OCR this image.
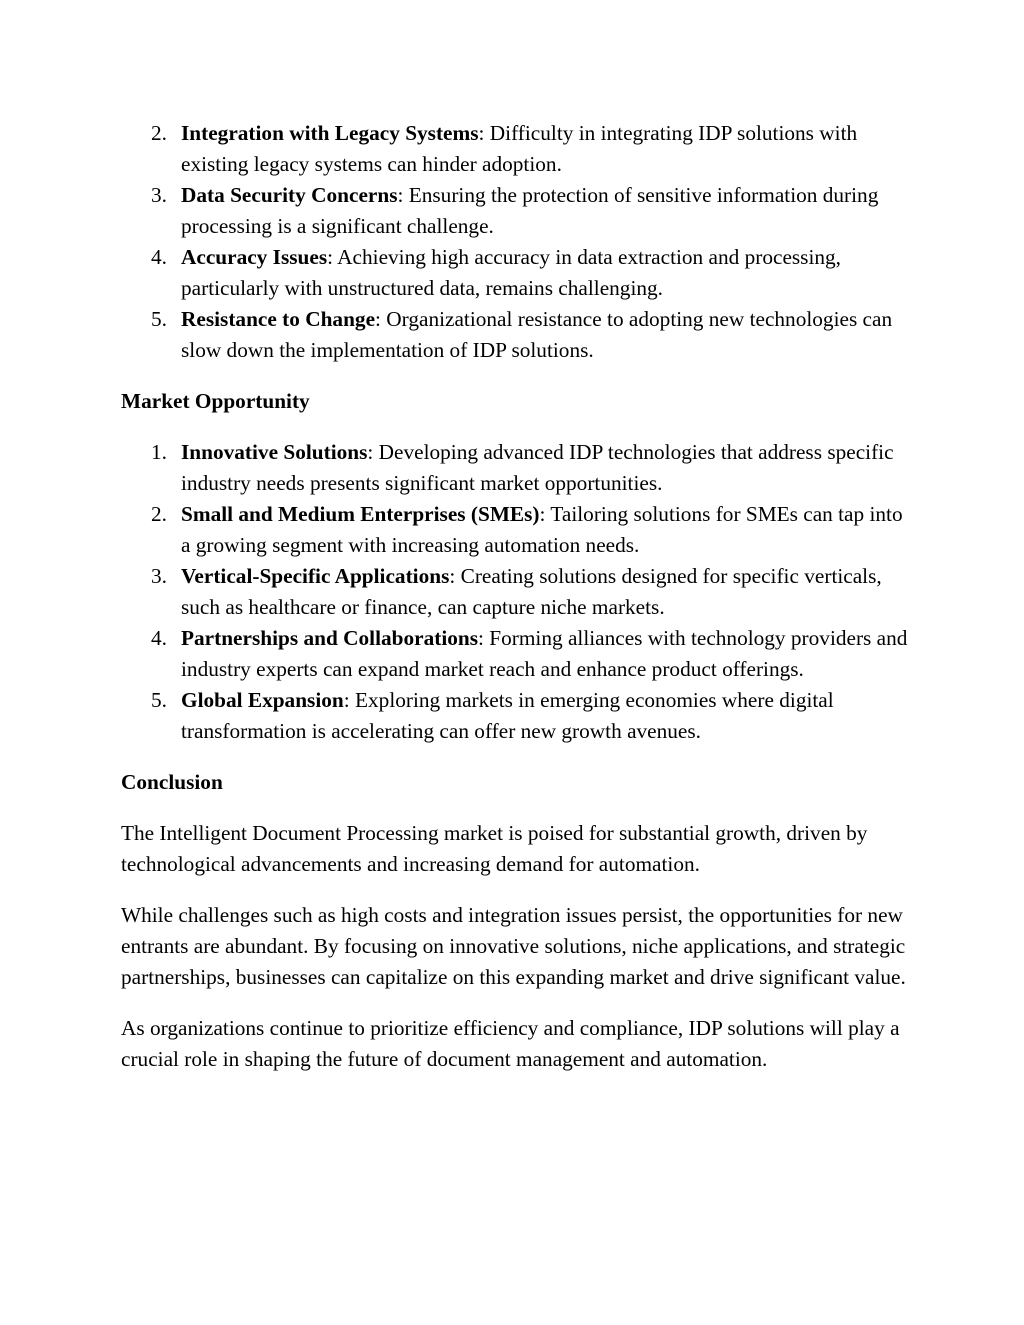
2. Integration with Legacy Systems: Difficulty in integrating IDP solutions with existing legacy systems can hinder adoption.
3. Data Security Concerns: Ensuring the protection of sensitive information during processing is a significant challenge.
4. Accuracy Issues: Achieving high accuracy in data extraction and processing, particularly with unstructured data, remains challenging.
5. Resistance to Change: Organizational resistance to adopting new technologies can slow down the implementation of IDP solutions.
Market Opportunity
1. Innovative Solutions: Developing advanced IDP technologies that address specific industry needs presents significant market opportunities.
2. Small and Medium Enterprises (SMEs): Tailoring solutions for SMEs can tap into a growing segment with increasing automation needs.
3. Vertical-Specific Applications: Creating solutions designed for specific verticals, such as healthcare or finance, can capture niche markets.
4. Partnerships and Collaborations: Forming alliances with technology providers and industry experts can expand market reach and enhance product offerings.
5. Global Expansion: Exploring markets in emerging economies where digital transformation is accelerating can offer new growth avenues.
Conclusion

The Intelligent Document Processing market is poised for substantial growth, driven by technological advancements and increasing demand for automation.

While challenges such as high costs and integration issues persist, the opportunities for new entrants are abundant. By focusing on innovative solutions, niche applications, and strategic partnerships, businesses can capitalize on this expanding market and drive significant value.

As organizations continue to prioritize efficiency and compliance, IDP solutions will play a crucial role in shaping the future of document management and automation.
